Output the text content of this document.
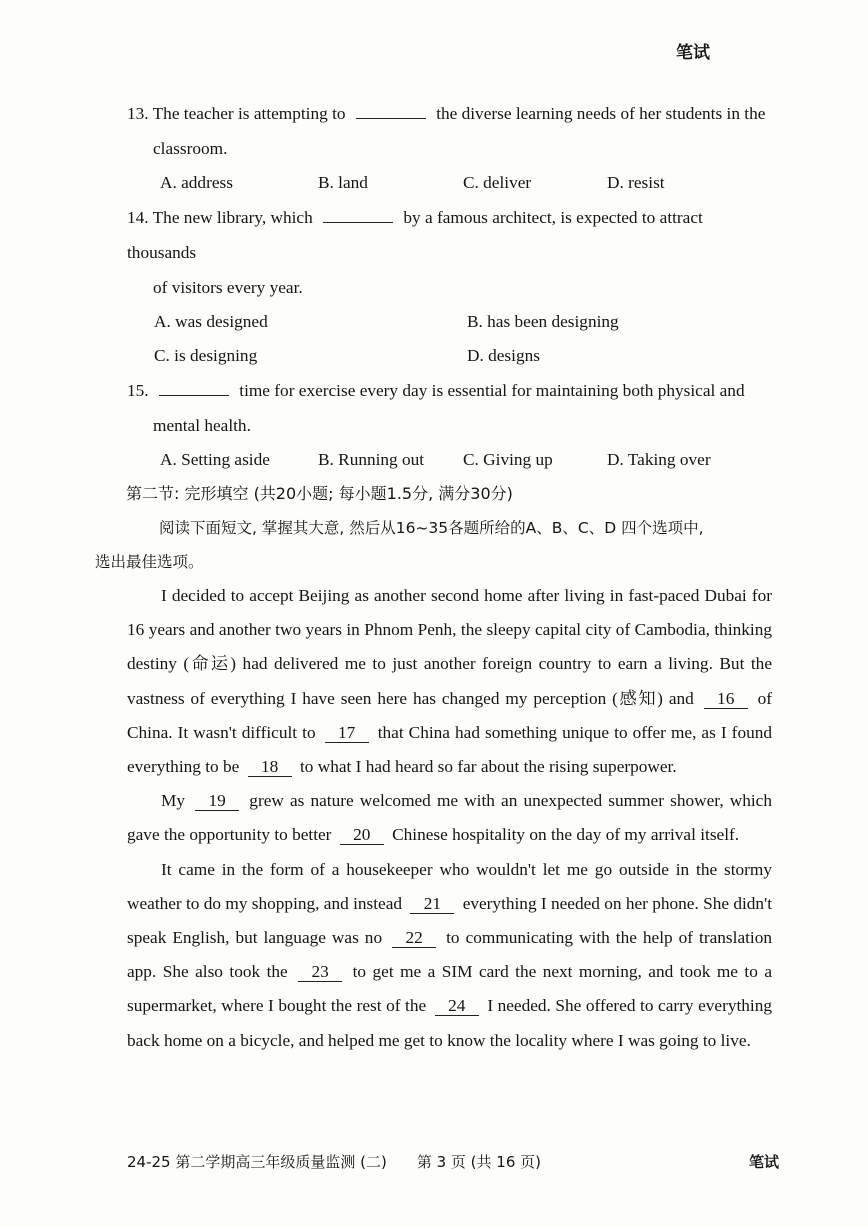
笔试
13. The teacher is attempting to	the diverse learning needs of her students in the
classroom.
A. address	B. land	C. deliver	D. resist
14. The new library, which	by a famous architect, is expected to attract thousands
of visitors every year.
A. was designed	B. has been designing
C. is designing	D. designs
15.	time for exercise every day is essential for maintaining both physical and
mental health.
A. Setting aside	B. Running out	C. Giving up	D. Taking over
第二节: 完形填空 (共20小题; 每小题1.5分, 满分30分)
阅读下面短文, 掌握其大意, 然后从16~35各题所给的A、B、C、D 四个选项中,
选出最佳选项。

I decided to accept Beijing as another second home after living in fast-paced Dubai for 16 years and another two years in Phnom Penh, the sleepy capital city of Cambodia, thinking destiny (命运) had delivered me to just another foreign country to earn a living. But the vastness of everything I have seen here has changed my perception (感知) and 16 of China. It wasn't difficult to 17 that China had something unique to offer me, as I found everything to be 18 to what I had heard so far about the rising superpower.

My 19 grew as nature welcomed me with an unexpected summer shower, which gave the opportunity to better 20 Chinese hospitality on the day of my arrival itself.

It came in the form of a housekeeper who wouldn't let me go outside in the stormy weather to do my shopping, and instead 21 everything I needed on her phone. She didn't speak English, but language was no 22 to communicating with the help of translation app. She also took the 23 to get me a SIM card the next morning, and took me to a supermarket, where I bought the rest of the 24 I needed. She offered to carry everything back home on a bicycle, and helped me get to know the locality where I was going to live.

24-25 第二学期高三年级质量监测 (二)　　第 3 页 (共 16 页)	笔试
